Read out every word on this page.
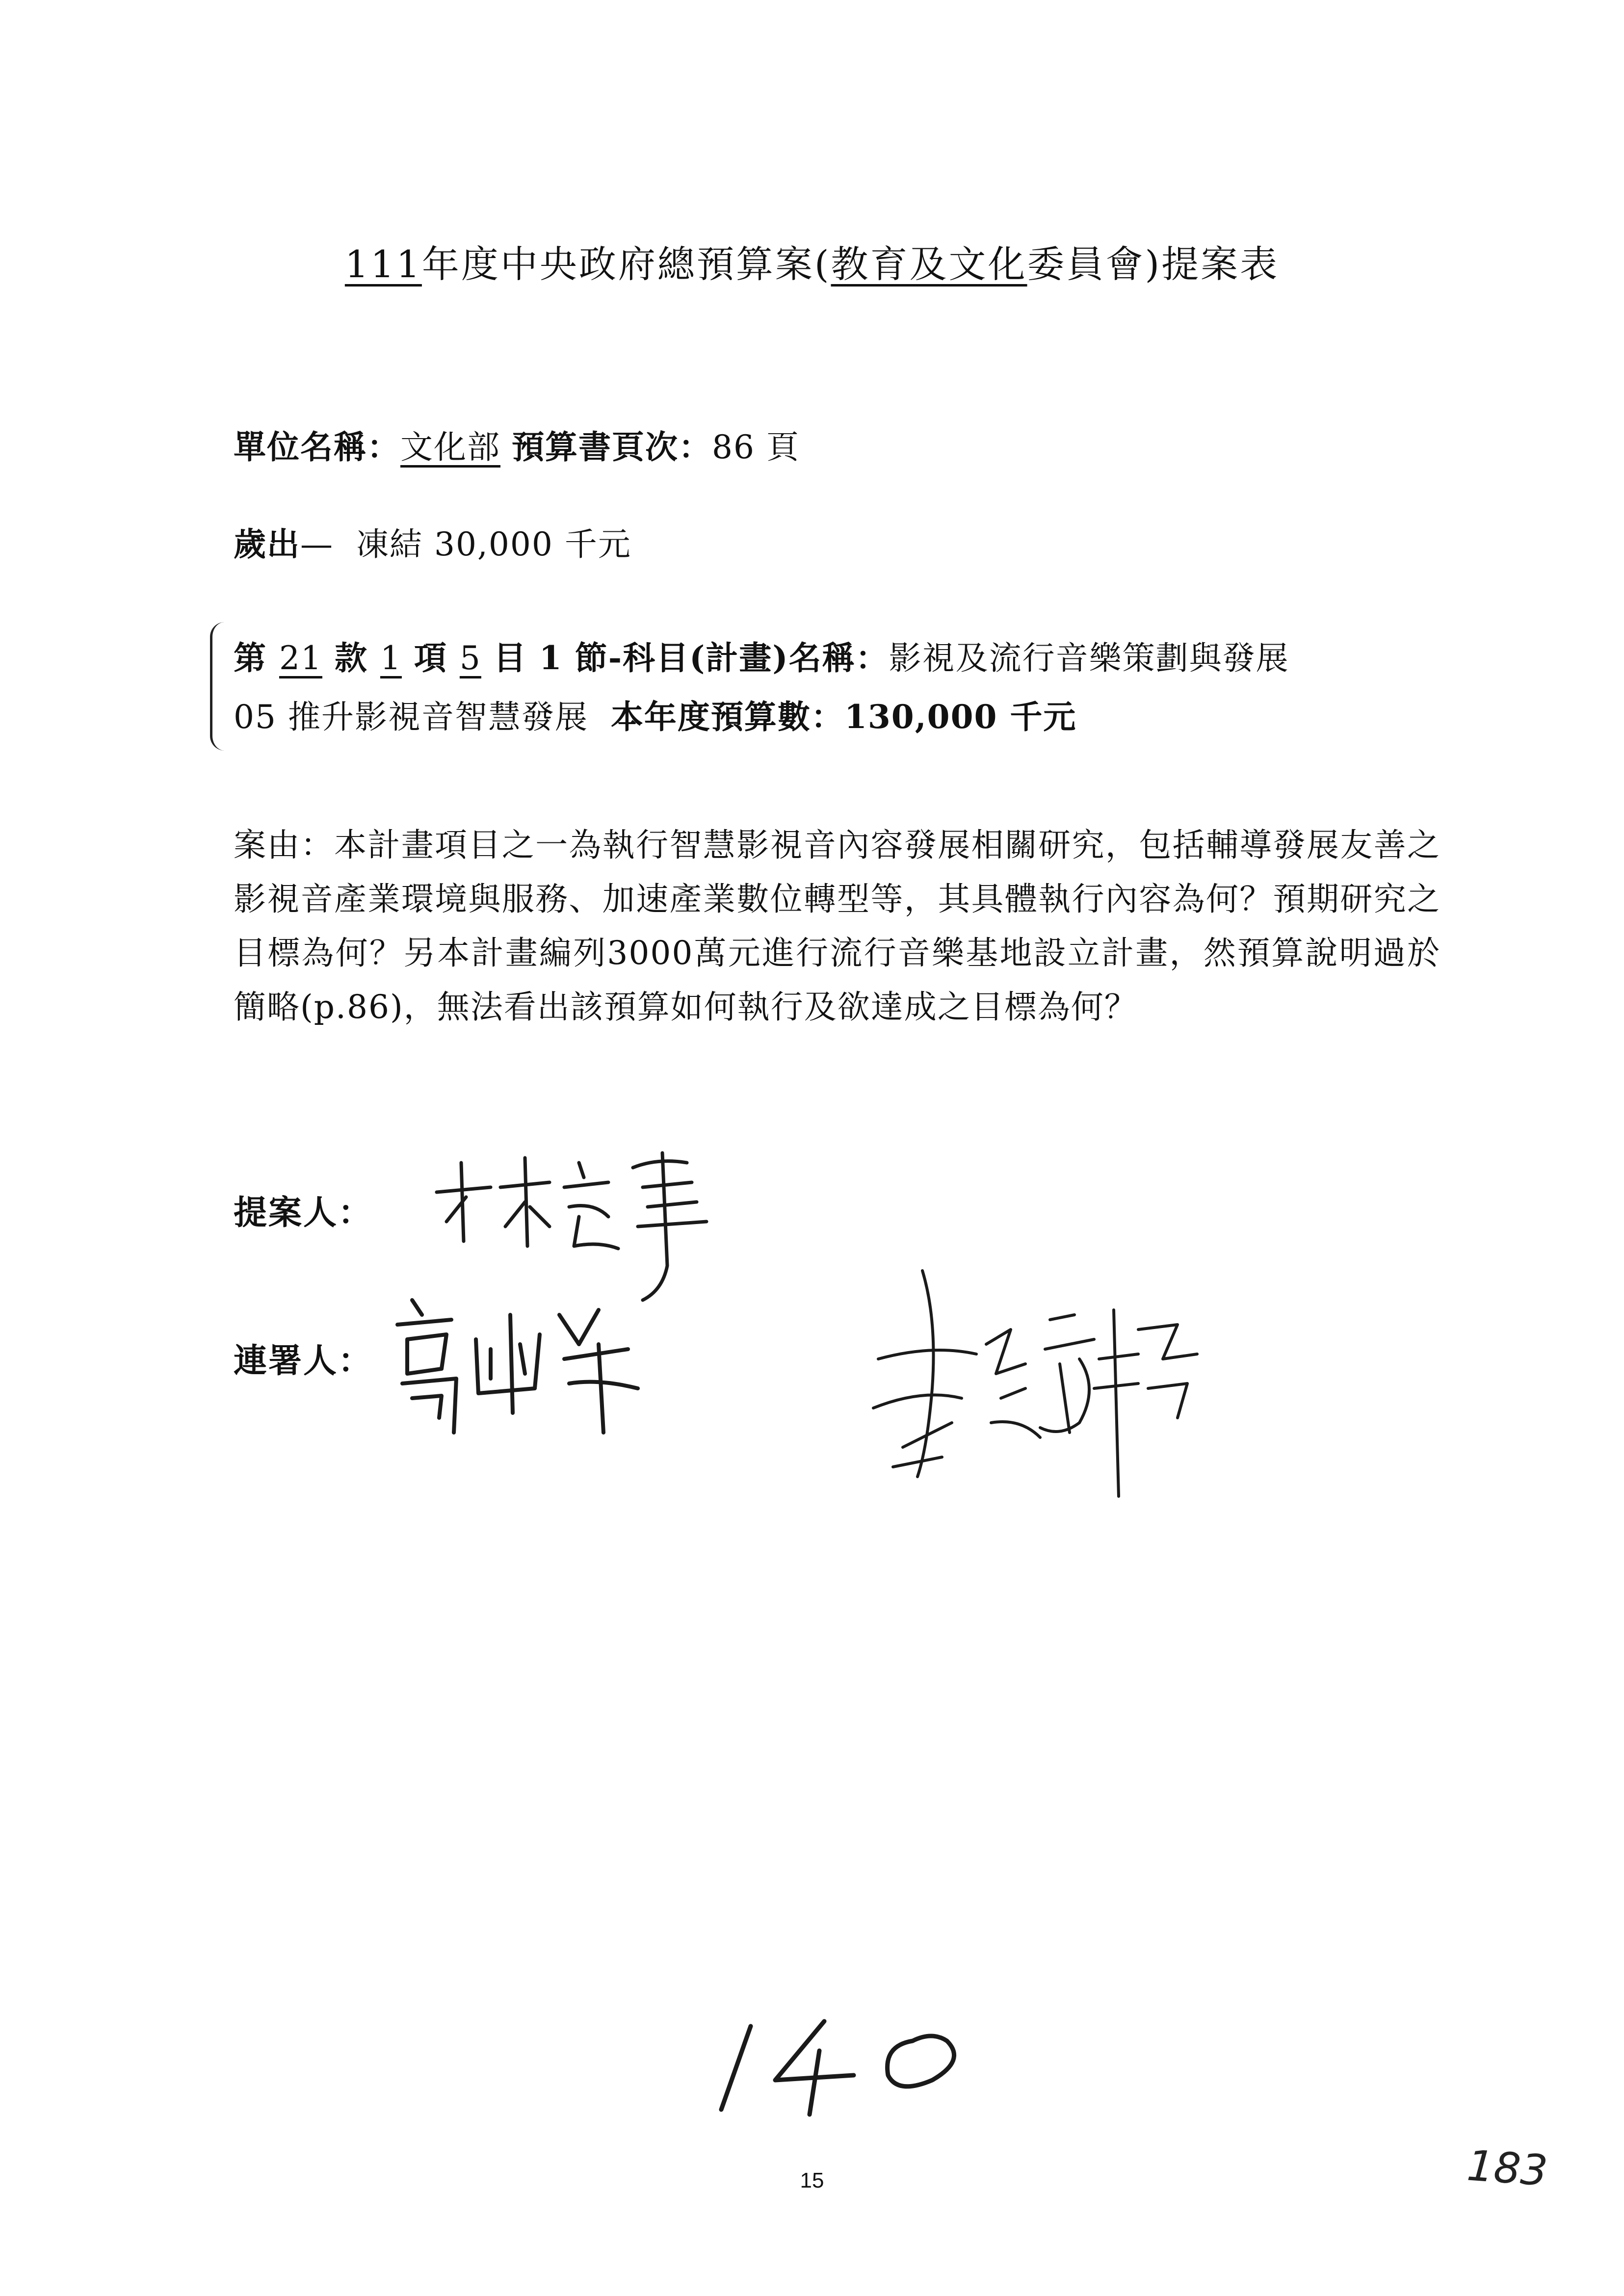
111年度中央政府總預算案(教育及文化委員會)提案表
單位名稱：文化部 預算書頁次：86 頁
歲出— 凍結 30,000 千元
第 21 款 1 項 5 目 1 節-科目(計畫)名稱：影視及流行音樂策劃與發展
05 推升影視音智慧發展 本年度預算數：130,000 千元
案由：本計畫項目之一為執行智慧影視音內容發展相關研究，包括輔導發展友善之影視音產業環境與服務、加速產業數位轉型等，其具體執行內容為何？預期研究之目標為何？另本計畫編列3000萬元進行流行音樂基地設立計畫，然預算說明過於簡略(p.86)，無法看出該預算如何執行及欲達成之目標為何？
提案人：
連署人：
15	183
